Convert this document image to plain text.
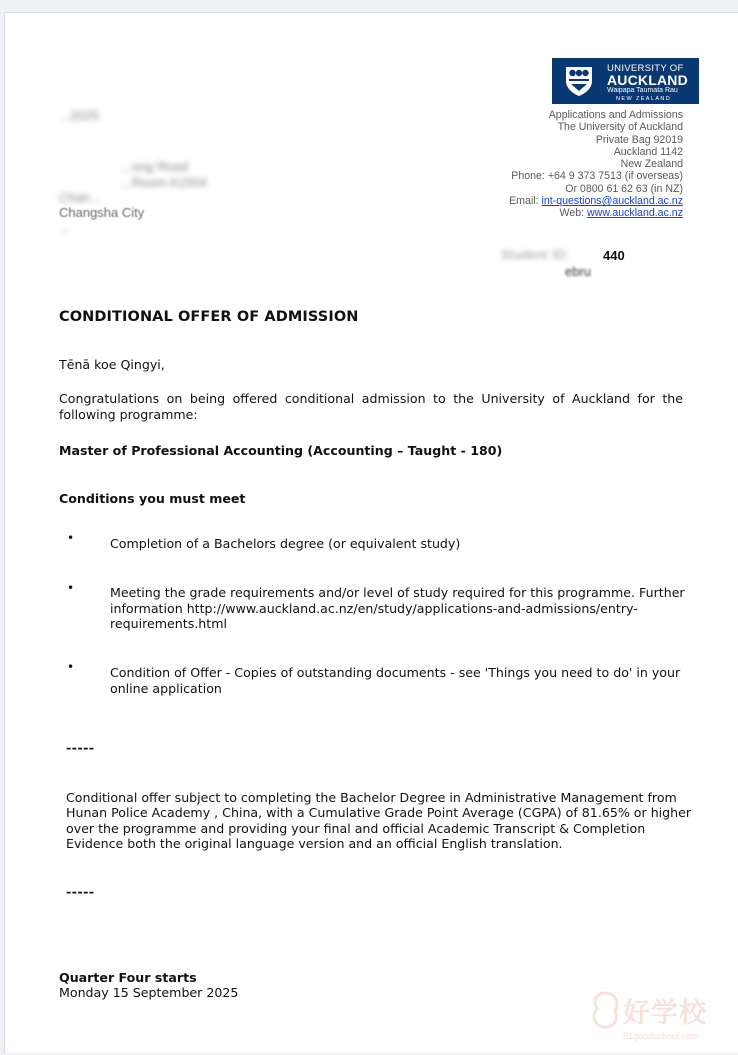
UNIVERSITY OF
AUCKLAND
Waipapa Taumata Rau
NEW ZEALAND
Applications and Admissions
The University of Auckland
Private Bag 92019
Auckland 1142
New Zealand
Phone: +64 9 373 7513 (if overseas)
Or 0800 61 62 63 (in NZ)
Email: int-questions@auckland.ac.nz
Web: www.auckland.ac.nz
...2025
...ong Road
...Room A1504
Chan...
Changsha City
...
Student ID:	440
ebru
CONDITIONAL OFFER OF ADMISSION
Tēnā koe Qingyi,
Congratulations on being offered conditional admission to the University of Auckland for the following programme:
Master of Professional Accounting (Accounting – Taught - 180)
Conditions you must meet
•	Completion of a Bachelors degree (or equivalent study)
•	Meeting the grade requirements and/or level of study required for this programme. Further information http://www.auckland.ac.nz/en/study/applications-and-admissions/entry-requirements.html
•	Condition of Offer - Copies of outstanding documents - see 'Things you need to do' in your online application
-----
Conditional offer subject to completing the Bachelor Degree in Administrative Management from Hunan Police Academy , China, with a Cumulative Grade Point Average (CGPA) of 81.65% or higher over the programme and providing your final and official Academic Transcript & Completion Evidence both the original language version and an official English translation.
-----
Quarter Four starts
Monday 15 September 2025
好学校
51goodschool.com
